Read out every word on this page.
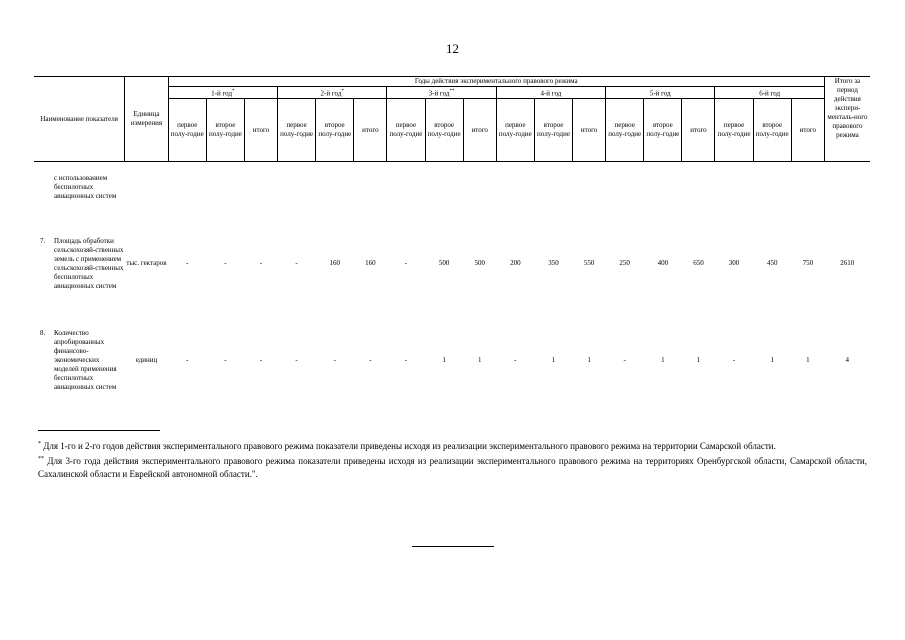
12
Наименование показателя	Единица измерения	Годы действия экспериментального правового режима																		Итого за период действия экспери-менталь-ного правового режима
		1-й год*			2-й год*			3-й год**			4-й год			5-й год			6-й год			
		первое полу-годие	второе полу-годие	итого	первое полу-годие	второе полу-годие	итого	первое полу-годие	второе полу-годие	итого	первое полу-годие	второе полу-годие	итого	первое полу-годие	второе полу-годие	итого	первое полу-годие	второе полу-годие	итого	
с использованием беспилотных авиационных систем																				

7. Площадь обработки сельскохозяй-ственных земель с применением сельскохозяй-ственных беспилотных авиационных систем	тыс. гектаров	-	-	-	-	160	160	-	500	500	200	350	550	250	400	650	300	450	750	2610

8. Количество апробированных финансово-экономических моделей применения беспилотных авиационных систем	единиц	-	-	-	-	-	-	-	1	1	-	1	1	-	1	1	-	1	1	4

* Для 1-го и 2-го годов действия экспериментального правового режима показатели приведены исходя из реализации экспериментального правового режима на территории Самарской области.

** Для 3-го года действия экспериментального правового режима показатели приведены исходя из реализации экспериментального правового режима на территориях Оренбургской области, Самарской области, Сахалинской области и Еврейской автономной области.".
